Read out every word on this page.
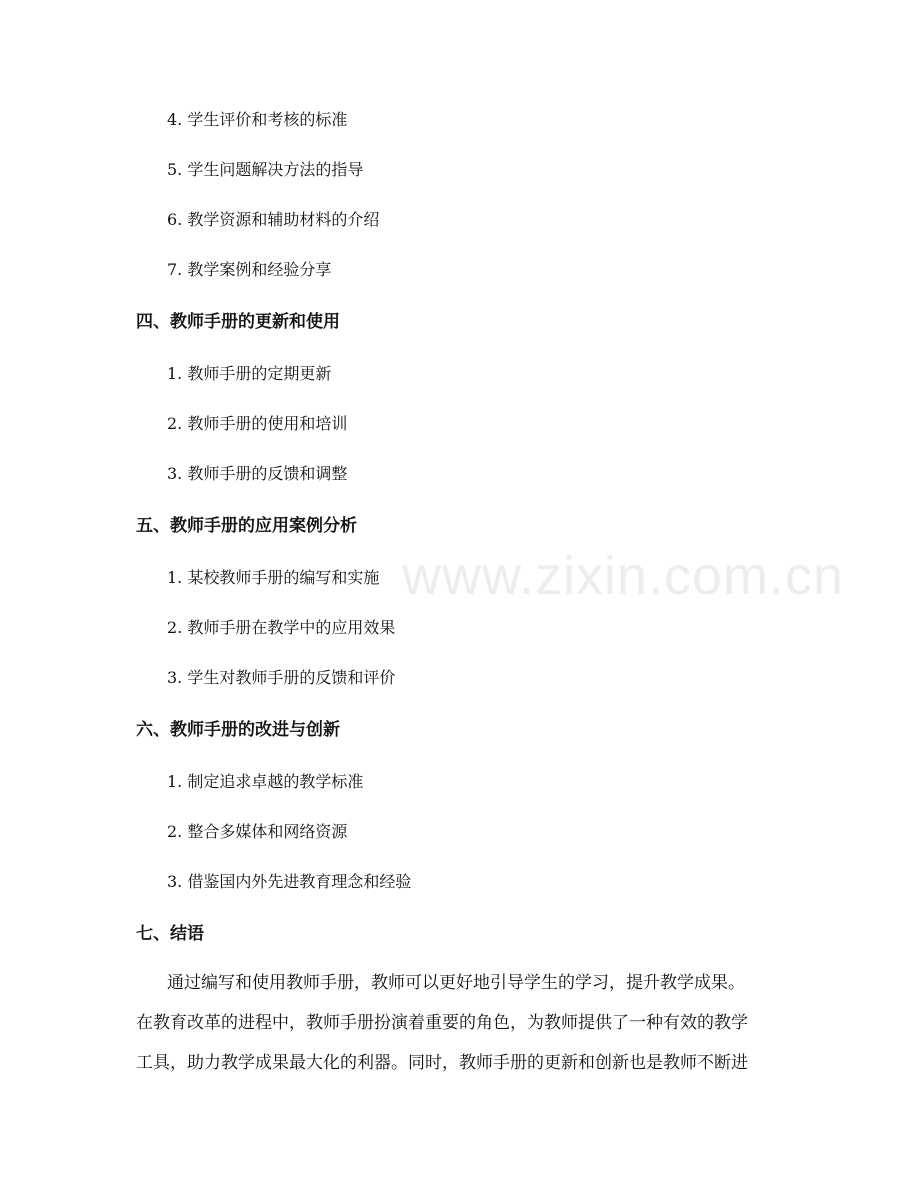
4. 学生评价和考核的标准
5. 学生问题解决方法的指导
6. 教学资源和辅助材料的介绍
7. 教学案例和经验分享
四、教师手册的更新和使用
1. 教师手册的定期更新
2. 教师手册的使用和培训
3. 教师手册的反馈和调整
五、教师手册的应用案例分析
1. 某校教师手册的编写和实施
2. 教师手册在教学中的应用效果
3. 学生对教师手册的反馈和评价
六、教师手册的改进与创新
1. 制定追求卓越的教学标准
2. 整合多媒体和网络资源
3. 借鉴国内外先进教育理念和经验
七、结语
通过编写和使用教师手册，教师可以更好地引导学生的学习，提升教学成果。
在教育改革的进程中，教师手册扮演着重要的角色，为教师提供了一种有效的教学
工具，助力教学成果最大化的利器。同时，教师手册的更新和创新也是教师不断进
www.zixin.com.cn
